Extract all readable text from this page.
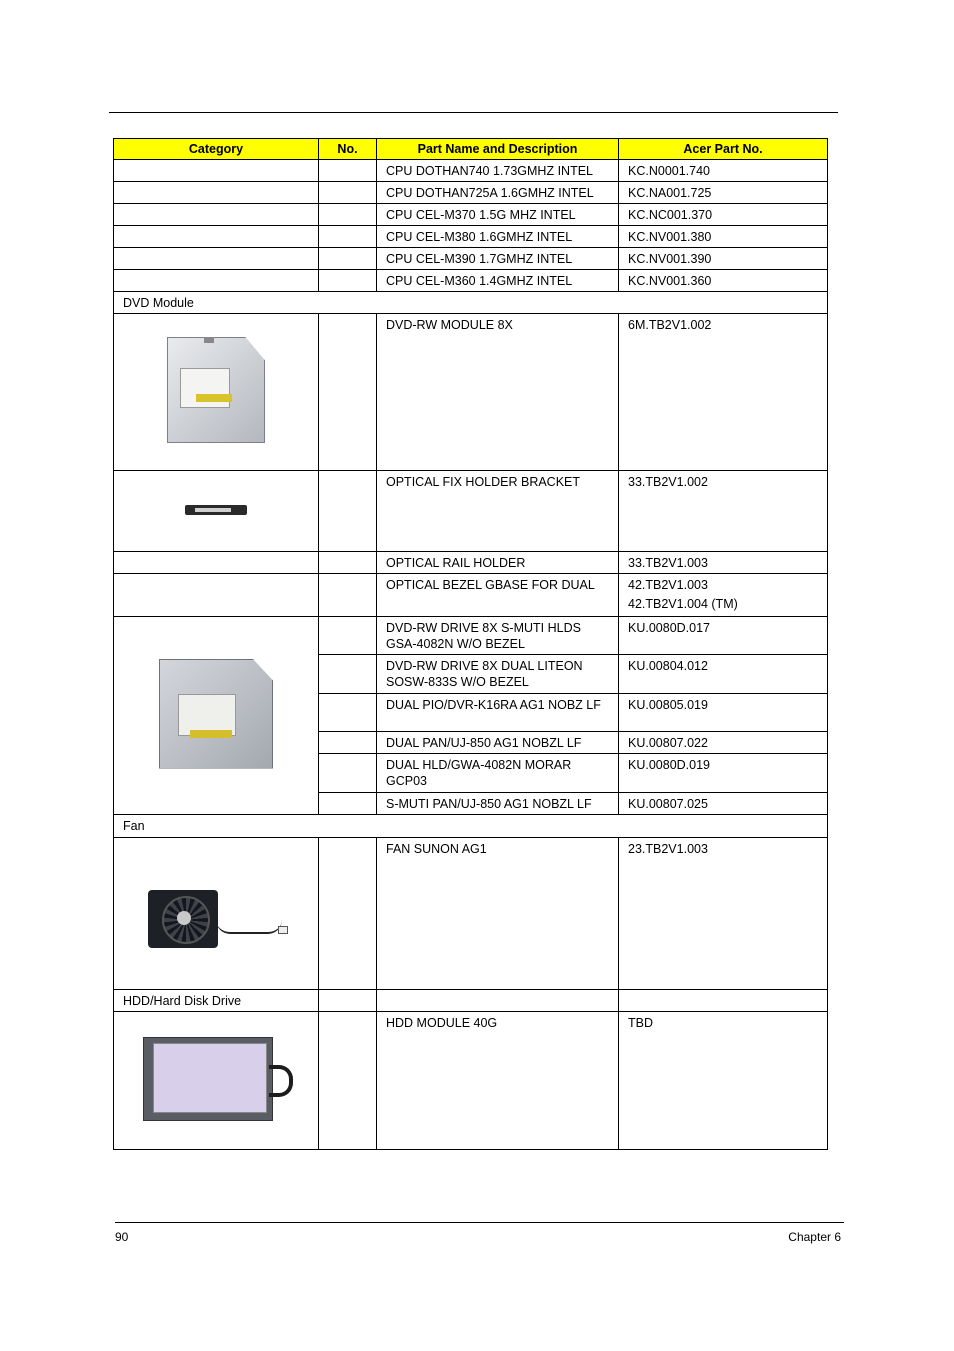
Category	No.	Part Name and Description	Acer Part No.
		CPU DOTHAN740 1.73GMHZ INTEL	KC.N0001.740
		CPU DOTHAN725A 1.6GMHZ INTEL	KC.NA001.725
		CPU CEL-M370 1.5G MHZ INTEL	KC.NC001.370
		CPU CEL-M380 1.6GMHZ INTEL	KC.NV001.380
		CPU CEL-M390 1.7GMHZ INTEL	KC.NV001.390
		CPU CEL-M360 1.4GMHZ INTEL	KC.NV001.360
DVD Module			

		DVD-RW MODULE 8X	6M.TB2V1.002
		OPTICAL FIX HOLDER BRACKET	33.TB2V1.002
		OPTICAL RAIL HOLDER	33.TB2V1.003
		OPTICAL BEZEL GBASE FOR DUAL	42.TB2V1.003
42.TB2V1.004 (TM)

		DVD-RW DRIVE 8X S-MUTI HLDS GSA-4082N W/O BEZEL	KU.0080D.017
		DVD-RW DRIVE 8X DUAL LITEON SOSW-833S W/O BEZEL	KU.00804.012
		DUAL PIO/DVR-K16RA AG1 NOBZ LF	KU.00805.019
		DUAL PAN/UJ-850 AG1 NOBZL LF	KU.00807.022
		DUAL HLD/GWA-4082N MORAR GCP03	KU.0080D.019
		S-MUTI PAN/UJ-850 AG1 NOBZL LF	KU.00807.025
Fan			

		FAN SUNON AG1	23.TB2V1.003
HDD/Hard Disk Drive			

		HDD MODULE 40G	TBD
90	Chapter 6
